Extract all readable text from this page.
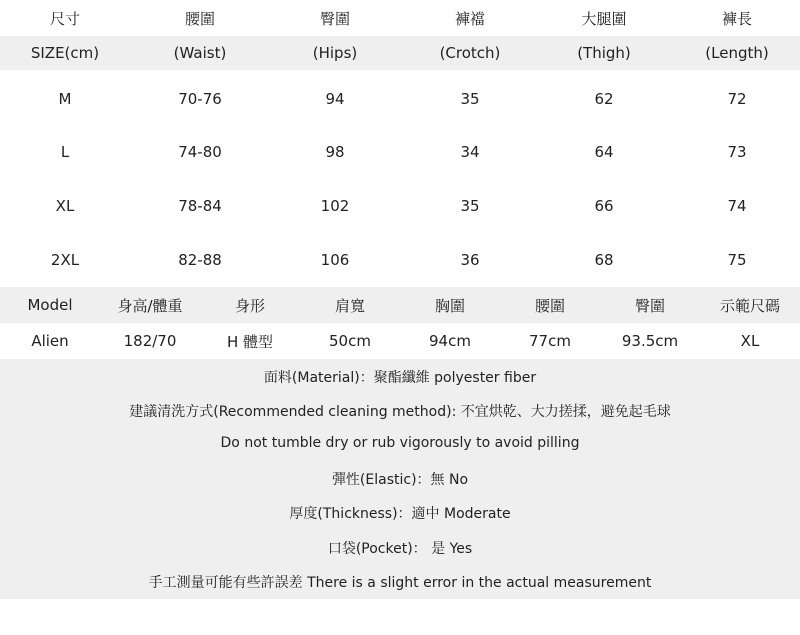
尺寸	腰圍	臀圍	褲襠	大腿圍	褲長
SIZE(cm)	(Waist)	(Hips)	(Crotch)	(Thigh)	(Length)
M	70-76	94	35	62	72
L	74-80	98	34	64	73
XL	78-84	102	35	66	74
2XL	82-88	106	36	68	75
Model	身高/體重	身形	肩寬	胸圍	腰圍	臀圍	示範尺碼
Alien	182/70	H 體型	50cm	94cm	77cm	93.5cm	XL
面料(Material)：聚酯纖維 polyester fiber
建議清洗方式(Recommended cleaning method): 不宜烘乾、大力搓揉，避免起毛球
Do not tumble dry or rub vigorously to avoid pilling
彈性(Elastic)：無 No
厚度(Thickness)：適中 Moderate
口袋(Pocket)： 是 Yes
手工測量可能有些許誤差 There is a slight error in the actual measurement
